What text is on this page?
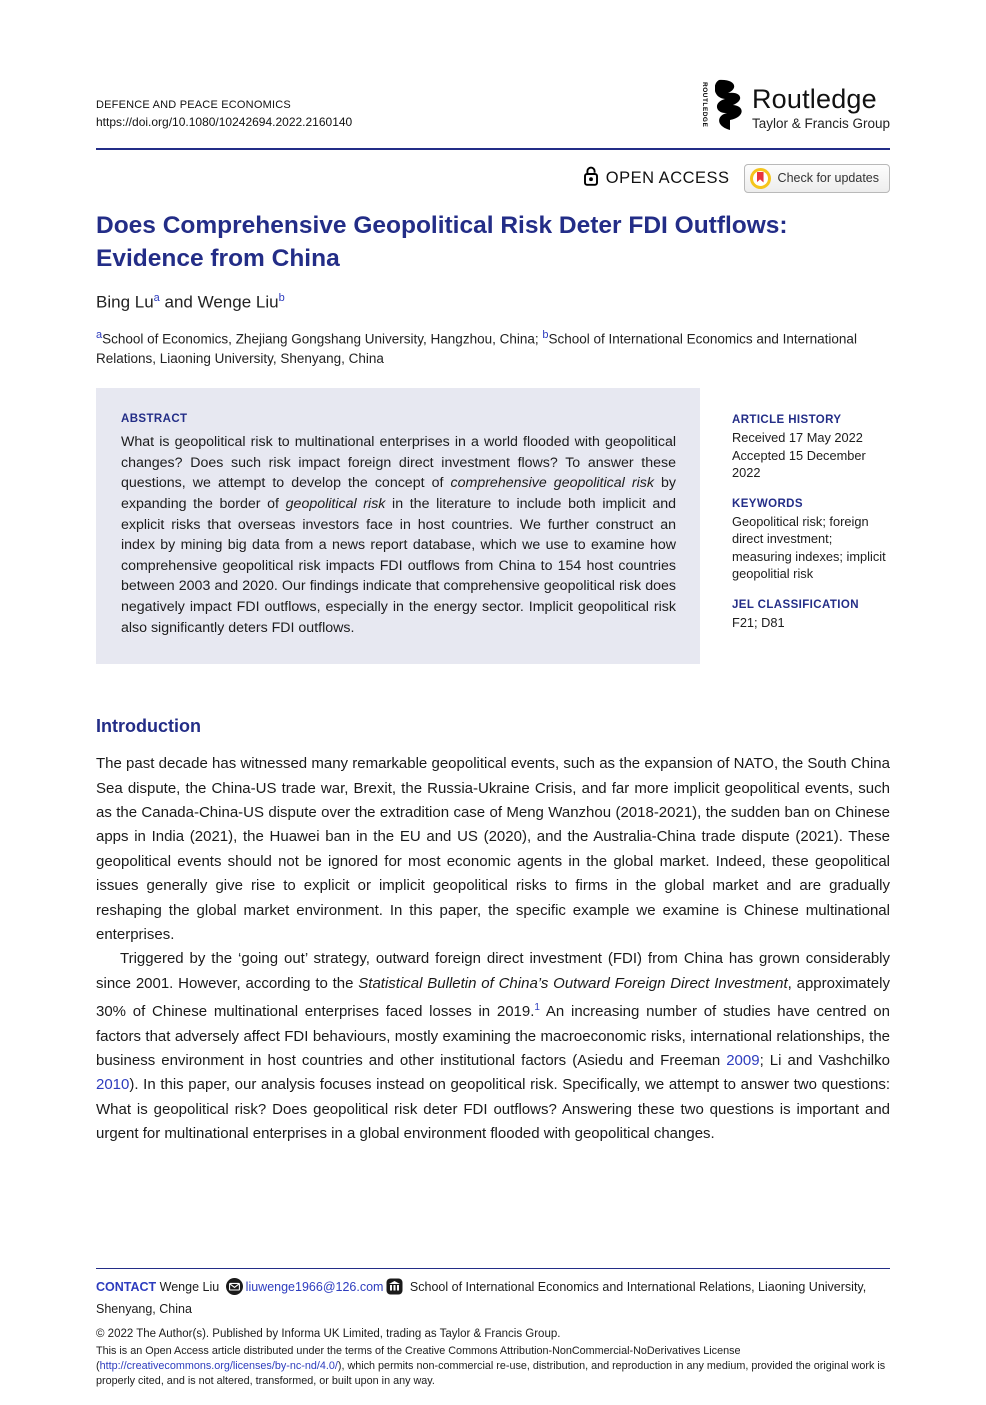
DEFENCE AND PEACE ECONOMICS
https://doi.org/10.1080/10242694.2022.2160140	ROUTLEDGE Routledge
Taylor & Francis Group
OPEN ACCESS	Check for updates
Does Comprehensive Geopolitical Risk Deter FDI Outflows:
Evidence from China
Bing Lu$^a$ and Wenge Liu$^b$
$^a$School of Economics, Zhejiang Gongshang University, Hangzhou, China; $^b$School of International Economics and International Relations, Liaoning University, Shenyang, China
ABSTRACT

What is geopolitical risk to multinational enterprises in a world flooded with geopolitical changes? Does such risk impact foreign direct investment flows? To answer these questions, we attempt to develop the concept of comprehensive geopolitical risk by expanding the border of geopolitical risk in the literature to include both implicit and explicit risks that overseas investors face in host countries. We further construct an index by mining big data from a news report database, which we use to examine how comprehensive geopolitical risk impacts FDI outflows from China to 154 host countries between 2003 and 2020. Our findings indicate that comprehensive geopolitical risk does negatively impact FDI outflows, especially in the energy sector. Implicit geopolitical risk also significantly deters FDI outflows.

ARTICLE HISTORY
Received 17 May 2022
Accepted 15 December 2022
KEYWORDS
Geopolitical risk; foreign direct investment; measuring indexes; implicit geopolitial risk
JEL CLASSIFICATION
F21; D81
Introduction

The past decade has witnessed many remarkable geopolitical events, such as the expansion of NATO, the South China Sea dispute, the China-US trade war, Brexit, the Russia-Ukraine Crisis, and far more implicit geopolitical events, such as the Canada-China-US dispute over the extradition case of Meng Wanzhou (2018-2021), the sudden ban on Chinese apps in India (2021), the Huawei ban in the EU and US (2020), and the Australia-China trade dispute (2021). These geopolitical events should not be ignored for most economic agents in the global market. Indeed, these geopolitical issues generally give rise to explicit or implicit geopolitical risks to firms in the global market and are gradually reshaping the global market environment. In this paper, the specific example we examine is Chinese multinational enterprises.

Triggered by the ‘going out’ strategy, outward foreign direct investment (FDI) from China has grown considerably since 2001. However, according to the Statistical Bulletin of China’s Outward Foreign Direct Investment, approximately 30% of Chinese multinational enterprises faced losses in 2019.$^1$ An increasing number of studies have centred on factors that adversely affect FDI behaviours, mostly examining the macroeconomic risks, international relationships, the business environment in host countries and other institutional factors (Asiedu and Freeman 2009; Li and Vashchilko 2010). In this paper, our analysis focuses instead on geopolitical risk. Specifically, we attempt to answer two questions: What is geopolitical risk? Does geopolitical risk deter FDI outflows? Answering these two questions is important and urgent for multinational enterprises in a global environment flooded with geopolitical changes.

CONTACT Wenge Liu liuwenge1966@126.com School of International Economics and International Relations, Liaoning University, Shenyang, China
© 2022 The Author(s). Published by Informa UK Limited, trading as Taylor & Francis Group.

This is an Open Access article distributed under the terms of the Creative Commons Attribution-NonCommercial-NoDerivatives License (http://creativecommons.org/licenses/by-nc-nd/4.0/), which permits non-commercial re-use, distribution, and reproduction in any medium, provided the original work is properly cited, and is not altered, transformed, or built upon in any way.
